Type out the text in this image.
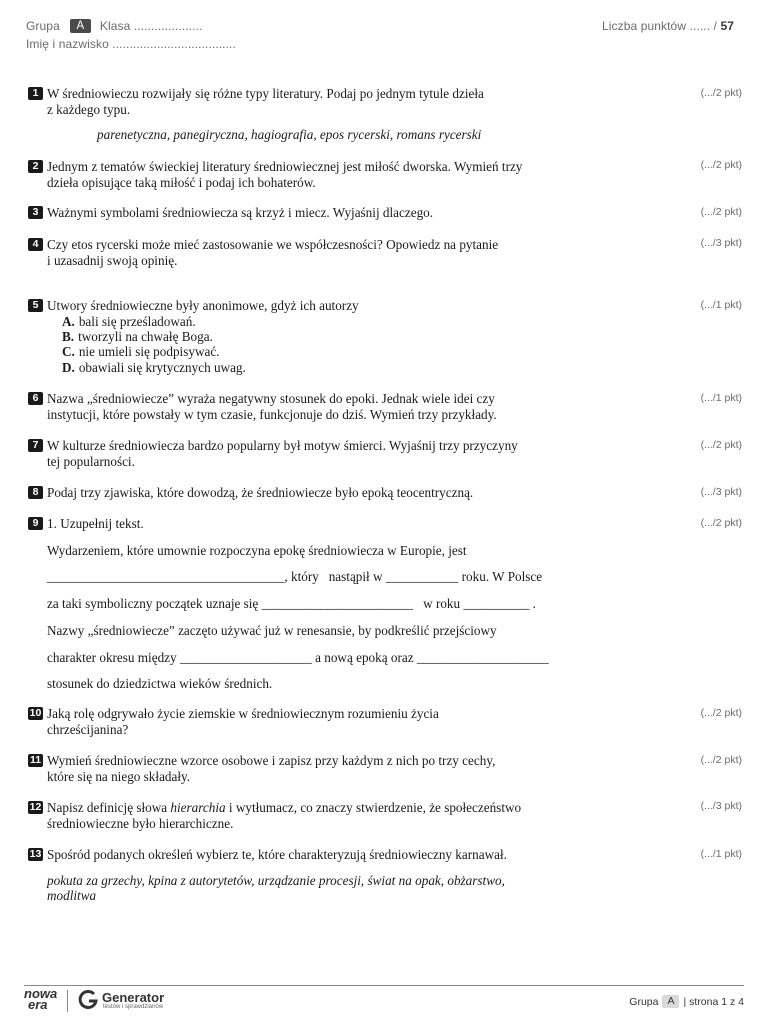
Grupa	A	Klasa
....................
Imię i nazwisko ....................................
Liczba punktów ...... / 57
1 W średniowieczu rozwijały się różne typy literatury. Podaj po jednym tytule dzieła
z każdego typu.
parenetyczna, panegiryczna, hagiografia, epos rycerski, romans rycerski
(.../2 pkt)
2 Jednym z tematów świeckiej literatury średniowiecznej jest miłość dworska. Wymień trzy
dzieła opisujące taką miłość i podaj ich bohaterów.
(.../2 pkt)
3 Ważnymi symbolami średniowiecza są krzyż i miecz. Wyjaśnij dlaczego.	(.../2 pkt)
4 Czy etos rycerski może mieć zastosowanie we współczesności? Opowiedz na pytanie
i uzasadnij swoją opinię.
(.../3 pkt)
5 Utwory średniowieczne były anonimowe, gdyż ich autorzy
A. bali się prześladowań.
B. tworzyli na chwałę Boga.
C. nie umieli się podpisywać.
D. obawiali się krytycznych uwag.
(.../1 pkt)
6 Nazwa „średniowiecze” wyraża negatywny stosunek do epoki. Jednak wiele idei czy
instytucji, które powstały w tym czasie, funkcjonuje do dziś. Wymień trzy przykłady.
(.../1 pkt)
7 W kulturze średniowiecza bardzo popularny był motyw śmierci. Wyjaśnij trzy przyczyny
tej popularności.
(.../2 pkt)
8 Podaj trzy zjawiska, które dowodzą, że średniowiecze było epoką teocentryczną.	(.../3 pkt)
9 1. Uzupełnij tekst.	(.../2 pkt)
Wydarzeniem, które umownie rozpoczyna epokę średniowiecza w Europie, jest
____________________________________, który   nastąpił w ___________ roku. W Polsce
za taki symboliczny początek uznaje się _______________________   w roku __________ .
Nazwy „średniowiecze” zaczęto używać już w renesansie, by podkreślić przejściowy
charakter okresu między ____________________ a nową epoką oraz ____________________
stosunek do dziedzictwa wieków średnich.
10 Jaką rolę odgrywało życie ziemskie w średniowiecznym rozumieniu życia
chrześcijanina?
(.../2 pkt)
11 Wymień średniowieczne wzorce osobowe i zapisz przy każdym z nich po trzy cechy,
które się na niego składały.
(.../2 pkt)
12 Napisz definicję słowa hierarchia i wytłumacz, co znaczy stwierdzenie, że społeczeństwo
średniowieczne było hierarchiczne.
(.../3 pkt)
13 Spośród podanych określeń wybierz te, które charakteryzują średniowieczny karnawał.
pokuta za grzechy, kpina z autorytetów, urządzanie procesji, świat na opak, obżarstwo,
modlitwa
(.../1 pkt)
nowa
era	Generator
testów i sprawdzianów	Grupa A | strona 1 z 4
